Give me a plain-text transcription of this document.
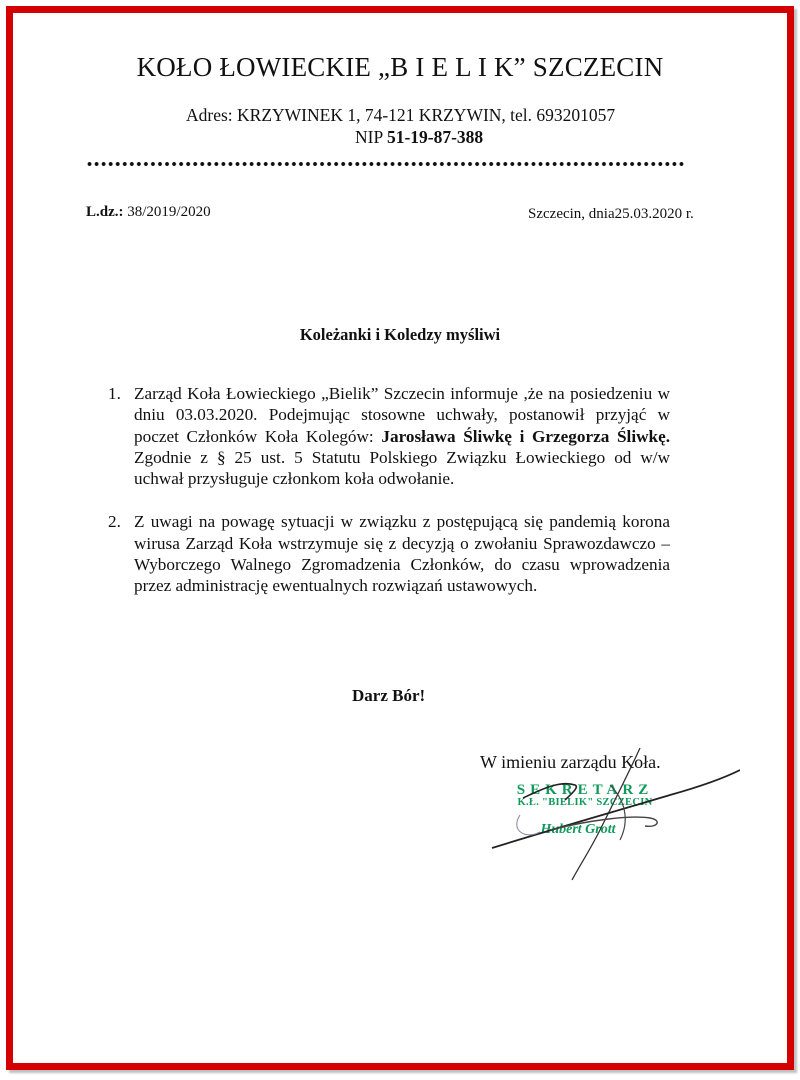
KOŁO ŁOWIECKIE „B I E L I K” SZCZECIN
Adres: KRZYWINEK 1, 74-121 KRZYWIN, tel. 693201057
NIP 51-19-87-388
L.dz.: 38/2019/2020	Szczecin, dnia25.03.2020 r.
Koleżanki i Koledzy myśliwi
1. Zarząd Koła Łowieckiego „Bielik” Szczecin informuje ,że na posiedzeniu w dniu 03.03.2020. Podejmując stosowne uchwały, postanowił przyjąć w poczet Członków Koła Kolegów: Jarosława Śliwkę i Grzegorza Śliwkę. Zgodnie z § 25 ust. 5 Statutu Polskiego Związku Łowieckiego od w/w uchwał przysługuje członkom koła odwołanie.
2. Z uwagi na powagę sytuacji w związku z postępującą się pandemią korona wirusa Zarząd Koła wstrzymuje się z decyzją o zwołaniu Sprawozdawczo – Wyborczego Walnego Zgromadzenia Członków, do czasu wprowadzenia przez administrację ewentualnych rozwiązań ustawowych.
Darz Bór!
W imieniu zarządu Koła.
SEKRETARZ
K.Ł. "BIELIK" SZCZECIN
Hubert Grott
